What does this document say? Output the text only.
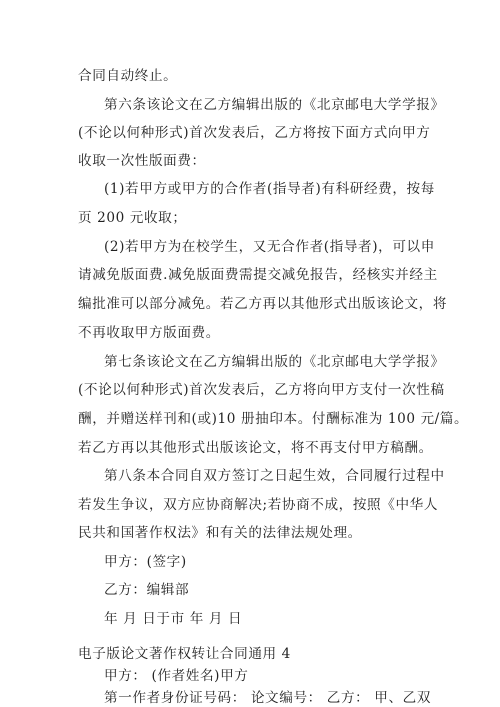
合同自动终止。
第六条该论文在乙方编辑出版的《北京邮电大学学报》
(不论以何种形式)首次发表后，乙方将按下面方式向甲方
收取一次性版面费：
(1)若甲方或甲方的合作者(指导者)有科研经费，按每
页 200 元收取；
(2)若甲方为在校学生，又无合作者(指导者)，可以申
请减免版面费.减免版面费需提交减免报告，经核实并经主
编批准可以部分减免。若乙方再以其他形式出版该论文，将
不再收取甲方版面费。
第七条该论文在乙方编辑出版的《北京邮电大学学报》
(不论以何种形式)首次发表后，乙方将向甲方支付一次性稿
酬，并赠送样刊和(或)10 册抽印本。付酬标准为 100 元/篇。
若乙方再以其他形式出版该论文，将不再支付甲方稿酬。
第八条本合同自双方签订之日起生效，合同履行过程中
若发生争议，双方应协商解决;若协商不成，按照《中华人
民共和国著作权法》和有关的法律法规处理。
甲方：(签字)
乙方：编辑部
年 月 日于市 年 月 日
电子版论文著作权转让合同通用 4
甲方： (作者姓名)甲方
第一作者身份证号码： 论文编号： 乙方： 甲、乙双
